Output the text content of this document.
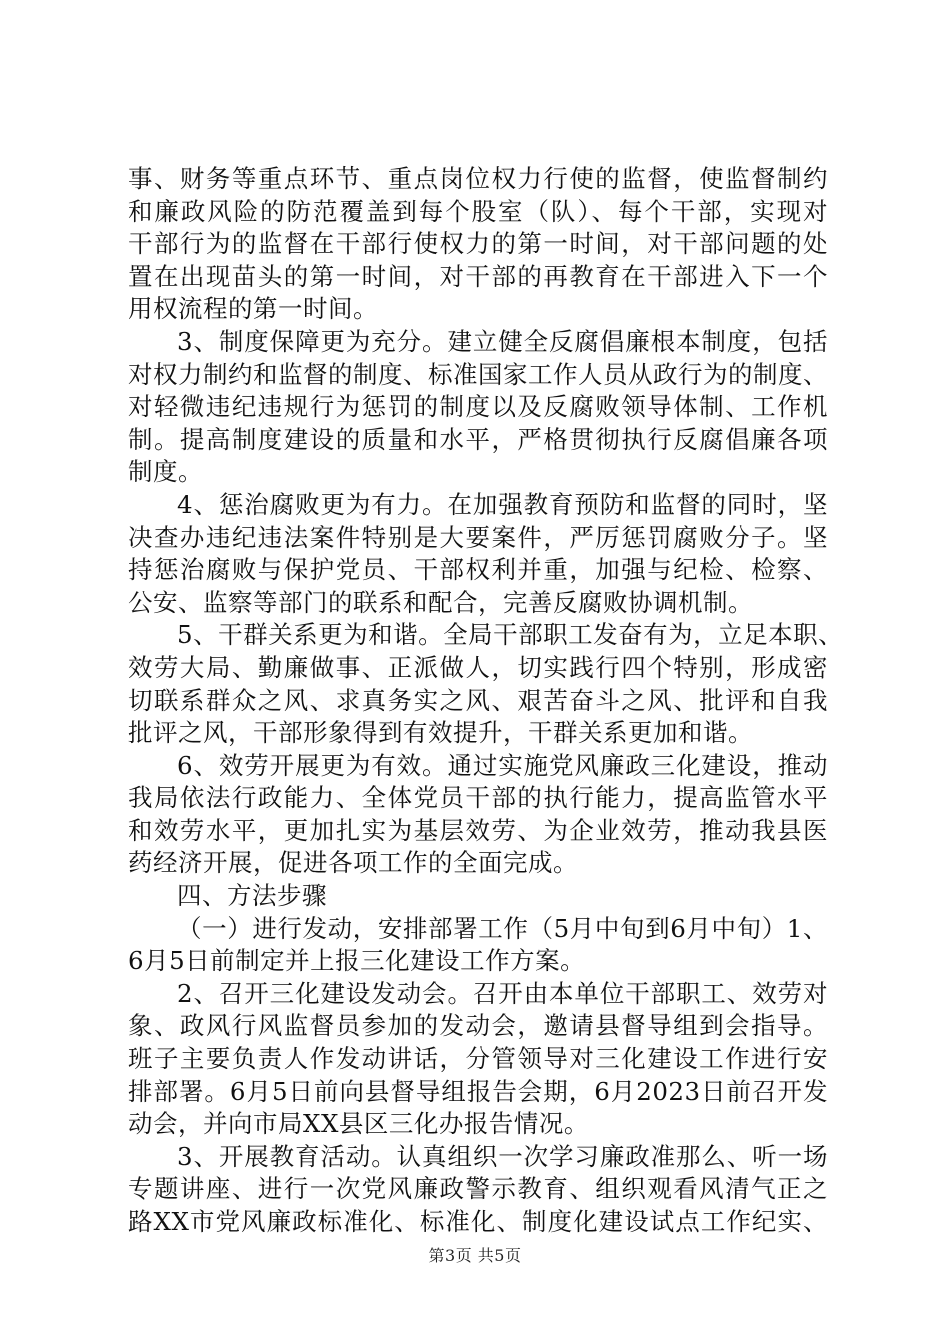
事、财务等重点环节、重点岗位权力行使的监督，使监督制约
和廉政风险的防范覆盖到每个股室（队）、每个干部，实现对
干部行为的监督在干部行使权力的第一时间，对干部问题的处
置在出现苗头的第一时间，对干部的再教育在干部进入下一个
用权流程的第一时间。
3、制度保障更为充分。建立健全反腐倡廉根本制度，包括
对权力制约和监督的制度、标准国家工作人员从政行为的制度、
对轻微违纪违规行为惩罚的制度以及反腐败领导体制、工作机
制。提高制度建设的质量和水平，严格贯彻执行反腐倡廉各项
制度。
4、惩治腐败更为有力。在加强教育预防和监督的同时，坚
决查办违纪违法案件特别是大要案件，严厉惩罚腐败分子。坚
持惩治腐败与保护党员、干部权利并重，加强与纪检、检察、
公安、监察等部门的联系和配合，完善反腐败协调机制。
5、干群关系更为和谐。全局干部职工发奋有为，立足本职、
效劳大局、勤廉做事、正派做人，切实践行四个特别，形成密
切联系群众之风、求真务实之风、艰苦奋斗之风、批评和自我
批评之风，干部形象得到有效提升，干群关系更加和谐。
6、效劳开展更为有效。通过实施党风廉政三化建设，推动
我局依法行政能力、全体党员干部的执行能力，提高监管水平
和效劳水平，更加扎实为基层效劳、为企业效劳，推动我县医
药经济开展，促进各项工作的全面完成。
四、方法步骤
（一）进行发动，安排部署工作（5月中旬到6月中旬）1、
6月5日前制定并上报三化建设工作方案。
2、召开三化建设发动会。召开由本单位干部职工、效劳对
象、政风行风监督员参加的发动会，邀请县督导组到会指导。
班子主要负责人作发动讲话，分管领导对三化建设工作进行安
排部署。6月5日前向县督导组报告会期，6月2023日前召开发
动会，并向市局XX县区三化办报告情况。
3、开展教育活动。认真组织一次学习廉政准那么、听一场
专题讲座、进行一次党风廉政警示教育、组织观看风清气正之
路XX市党风廉政标准化、标准化、制度化建设试点工作纪实、
第3页 共5页
